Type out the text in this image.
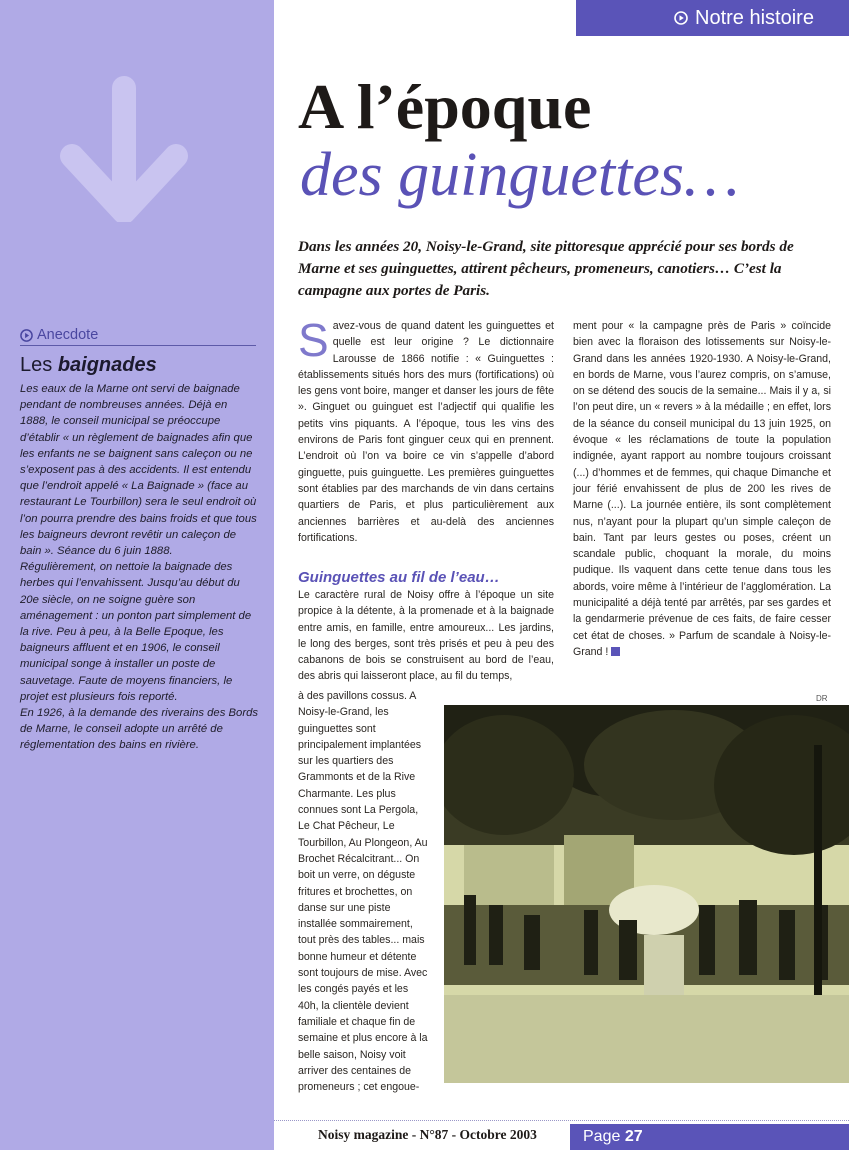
Anecdote
Les baignades

Les eaux de la Marne ont servi de baignade pendant de nombreuses années. Déjà en 1888, le conseil municipal se préoccupe d’établir « un règlement de baignades afin que les enfants ne se baignent sans caleçon ou ne s’exposent pas à des accidents. Il est entendu que l’endroit appelé « La Baignade » (face au restaurant Le Tourbillon) sera le seul endroit où l’on pourra prendre des bains froids et que tous les baigneurs devront revêtir un caleçon de bain ». Séance du 6 juin 1888.

Régulièrement, on nettoie la baignade des herbes qui l’envahissent. Jusqu’au début du 20e siècle, on ne soigne guère son aménagement : un ponton part simplement de la rive. Peu à peu, à la Belle Epoque, les baigneurs affluent et en 1906, le conseil municipal songe à installer un poste de sauvetage. Faute de moyens financiers, le projet est plusieurs fois reporté.

En 1926, à la demande des riverains des Bords de Marne, le conseil adopte un arrêté de réglementation des bains en rivière.

Notre histoire
A l’époque
des guinguettes…

Dans les années 20, Noisy-le-Grand, site pittoresque apprécié pour ses bords de Marne et ses guinguettes, attirent pêcheurs, promeneurs, canotiers… C’est la campagne aux portes de Paris.

Savez-vous de quand datent les guinguettes et quelle est leur origine ? Le dictionnaire Larousse de 1866 notifie : « Guinguettes : établissements situés hors des murs (fortifications) où les gens vont boire, manger et danser les jours de fête ». Ginguet ou guinguet est l’adjectif qui qualifie les petits vins piquants. A l’époque, tous les vins des environs de Paris font ginguer ceux qui en prennent. L’endroit où l’on va boire ce vin s’appelle d’abord ginguette, puis guinguette. Les premières guinguettes sont établies par des marchands de vin dans certains quartiers de Paris, et plus particulièrement aux anciennes barrières et au-delà des anciennes fortifications.

Guinguettes au fil de l’eau…

Le caractère rural de Noisy offre à l’époque un site propice à la détente, à la promenade et à la baignade entre amis, en famille, entre amoureux... Les jardins, le long des berges, sont très prisés et peu à peu des cabanons de bois se construisent au bord de l’eau, des abris qui laisseront place, au fil du temps,

à des pavillons cossus. A Noisy-le-Grand, les guinguettes sont principalement implantées sur les quartiers des Grammonts et de la Rive Charmante. Les plus connues sont La Pergola, Le Chat Pêcheur, Le Tourbillon, Au Plongeon, Au Brochet Récalcitrant... On boit un verre, on déguste fritures et brochettes, on danse sur une piste installée sommairement, tout près des tables... mais bonne humeur et détente sont toujours de mise. Avec les congés payés et les 40h, la clientèle devient familiale et chaque fin de semaine et plus encore à la belle saison, Noisy voit arriver des centaines de promeneurs ; cet engoue-

ment pour « la campagne près de Paris » coïncide bien avec la floraison des lotissements sur Noisy-le-Grand dans les années 1920-1930. A Noisy-le-Grand, en bords de Marne, vous l’aurez compris, on s’amuse, on se détend des soucis de la semaine... Mais il y a, si l’on peut dire, un « revers » à la médaille ; en effet, lors de la séance du conseil municipal du 13 juin 1925, on évoque « les réclamations de toute la population indignée, ayant rapport au nombre toujours croissant (...) d’hommes et de femmes, qui chaque Dimanche et jour férié envahissent de plus de 200 les rives de Marne (...). La journée entière, ils sont complètement nus, n’ayant pour la plupart qu’un simple caleçon de bain. Tant par leurs gestes ou poses, créent un scandale public, choquant la morale, du moins pudique. Ils vaquent dans cette tenue dans tous les abords, voire même à l’intérieur de l’agglomération. La municipalité a déjà tenté par arrêtés, par ses gardes et la gendarmerie prévenue de ces faits, de faire cesser cet état de choses. » Parfum de scandale à Noisy-le-Grand !

DR
Noisy magazine - N°87 - Octobre 2003	Page 27
